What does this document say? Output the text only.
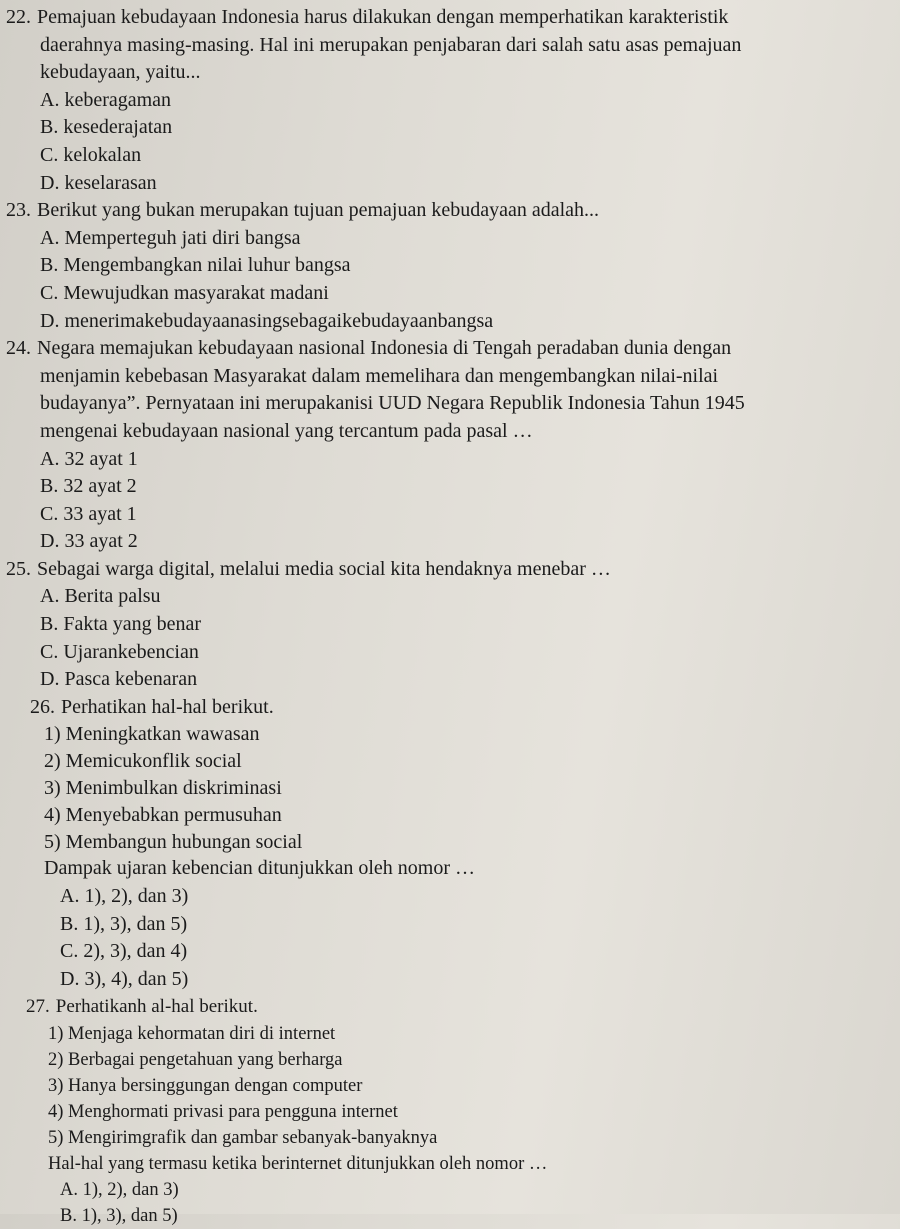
22. Pemajuan kebudayaan Indonesia harus dilakukan dengan memperhatikan karakteristik

daerahnya masing-masing. Hal ini merupakan penjabaran dari salah satu asas pemajuan

kebudayaan, yaitu...

A. keberagaman
B. kesederajatan
C. kelokalan
D. keselarasan

23. Berikut yang bukan merupakan tujuan pemajuan kebudayaan adalah...

A. Memperteguh jati diri bangsa
B. Mengembangkan nilai luhur bangsa
C. Mewujudkan masyarakat madani
D. menerimakebudayaanasingsebagaikebudayaanbangsa

24. Negara memajukan kebudayaan nasional Indonesia di Tengah peradaban dunia dengan

menjamin kebebasan Masyarakat dalam memelihara dan mengembangkan nilai-nilai

budayanya”. Pernyataan ini merupakanisi UUD Negara Republik Indonesia Tahun 1945

mengenai kebudayaan nasional yang tercantum pada pasal …

A. 32 ayat 1
B. 32 ayat 2
C. 33 ayat 1
D. 33 ayat 2

25. Sebagai warga digital, melalui media social kita hendaknya menebar …

A. Berita palsu
B. Fakta yang benar
C. Ujarankebencian
D. Pasca kebenaran

26. Perhatikan hal-hal berikut.

1) Meningkatkan wawasan
2) Memicukonflik social
3) Menimbulkan diskriminasi
4) Menyebabkan permusuhan
5) Membangun hubungan social

Dampak ujaran kebencian ditunjukkan oleh nomor …

A. 1), 2), dan 3)
B. 1), 3), dan 5)
C. 2), 3), dan 4)
D. 3), 4), dan 5)

27. Perhatikanh al-hal berikut.

1) Menjaga kehormatan diri di internet
2) Berbagai pengetahuan yang berharga
3) Hanya bersinggungan dengan computer
4) Menghormati privasi para pengguna internet
5) Mengirimgrafik dan gambar sebanyak-banyaknya

Hal-hal yang termasu ketika berinternet ditunjukkan oleh nomor …

A. 1), 2), dan 3)
B. 1), 3), dan 5)
